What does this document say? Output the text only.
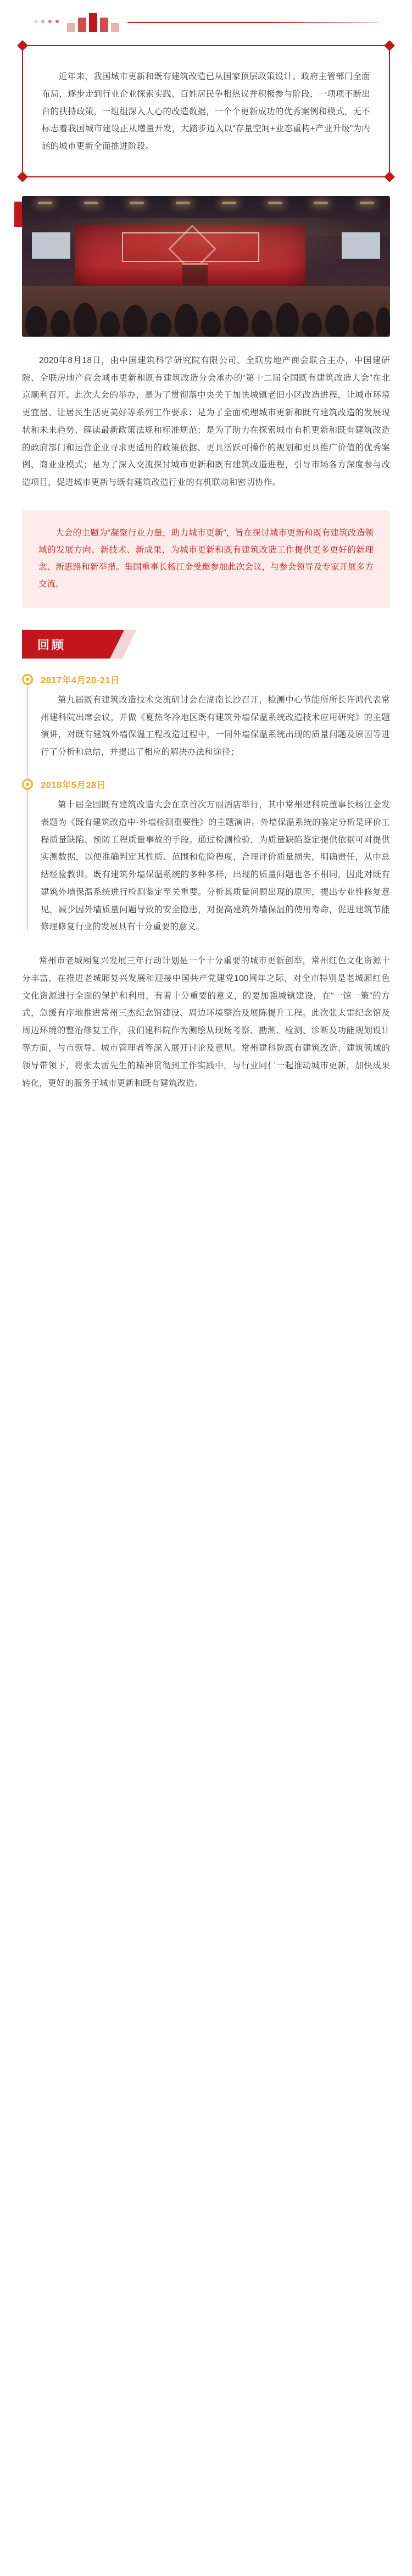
近年来，我国城市更新和既有建筑改造已从国家顶层政策设计、政府主管部门全面布局，逐步走到行业企业探索实践、百姓居民争相热议并积极参与阶段，一项项不断出台的扶持政策，一组组深入人心的改造数据，一个个更新成功的优秀案例和模式，无不标志着我国城市建设正从增量开发，大踏步迈入以“存量空间+业态重构+产业升级”为内涵的城市更新全面推进阶段。

2020年8月18日，由中国建筑科学研究院有限公司、全联房地产商会联合主办，中国建研院、全联房地产商会城市更新和既有建筑改造分会承办的“第十二届全国既有建筑改造大会”在北京顺利召开。此次大会的举办，是为了贯彻落中央关于加快城镇老旧小区改造进程，让城市环境更宜居、让居民生活更美好等系列工作要求；是为了全面梳理城市更新和既有建筑改造的发展现状和未来趋势、解读最新政策法规和标准规范；是为了助力在探索城市有机更新和既有建筑改造的政府部门和运营企业寻求更适用的政策依据、更具活跃可操作的规划和更具推广价值的优秀案例、商业业模式；是为了深入交流探讨城市更新和既有建筑改造进程，引导市场各方深度参与改造项目，促进城市更新与既有建筑改造行业的有机联动和密切协作。

大会的主题为“凝聚行业力量，助力城市更新”，旨在探讨城市更新和既有建筑改造领域的发展方向、新技术、新成果，为城市更新和既有建筑改造工作提供更多更好的新理念、新思路和新举措。集国重事长杨江金受邀参加此次会议，与参会领导及专家开展多方交流。

回顾

2017年4月20-21日

第九届既有建筑改造技术交流研讨会在湖南长沙召开，检测中心节能所所长许鸿代表常州建科院出席会议，并做《夏热冬冷地区既有建筑外墙保温系统改造技术应用研究》的主题演讲，对既有建筑外墙保温工程改造过程中，一同外墙保温系统出现的质量问题及原因等进行了分析和总结，并提出了相应的解决办法和途径；

2018年5月28日

第十届全国既有建筑改造大会在京首次万丽酒店举行，其中常州建科院董事长杨江金发表题为《既有建筑改造中·外墙检测重要性》的主题演讲。外墙保温系统的鉴定分析是评价工程质量缺陷、预防工程质量事故的手段。通过检测检验，为质量缺陷鉴定提供依据可对提供实测数据，以便准确判定其性质、范围和危险程度，合理评价质量损失，明确责任，从中总结经验教训。既有建筑外墙保温系统的多种多样，出现的质量问题也各不相同，因此对既有建筑外墙保温系统进行检测鉴定至关重要。分析其质量问题出现的原因，提出专业性修复意见，减少因外墙质量问题导致的安全隐患，对提高建筑外墙保温的使用寿命，促进建筑节能修理修复行业的发展具有十分重要的意义。

常州市老城厢复兴发展三年行动计划是一个十分重要的城市更新创举，常州红色文化资源十分丰富，在推进老城厢复兴发展和迎接中国共产党建党100周年之际，对全市特别是老城厢红色文化资源进行全面的保护和利用，有着十分重要的意义，的要加强城镇建设，在“一馆一策”的方式，急缓有序地推进常州三杰纪念馆建设、周边环境整治及展陈提升工程。此次张太雷纪念馆及周边环境的整治修复工作，我们建科院作为测绘从现场考察、勘测、检测、诊断及功能规划设计等方面，与市领导、城市管理者等深入展开讨论及意见。常州建科院既有建筑改造、建筑领域的领导带领下，将张太雷先生的精神贯彻到工作实践中，与行业同仁一起推动城市更新，加快成果转化，更好的服务于城市更新和既有建筑改造。
